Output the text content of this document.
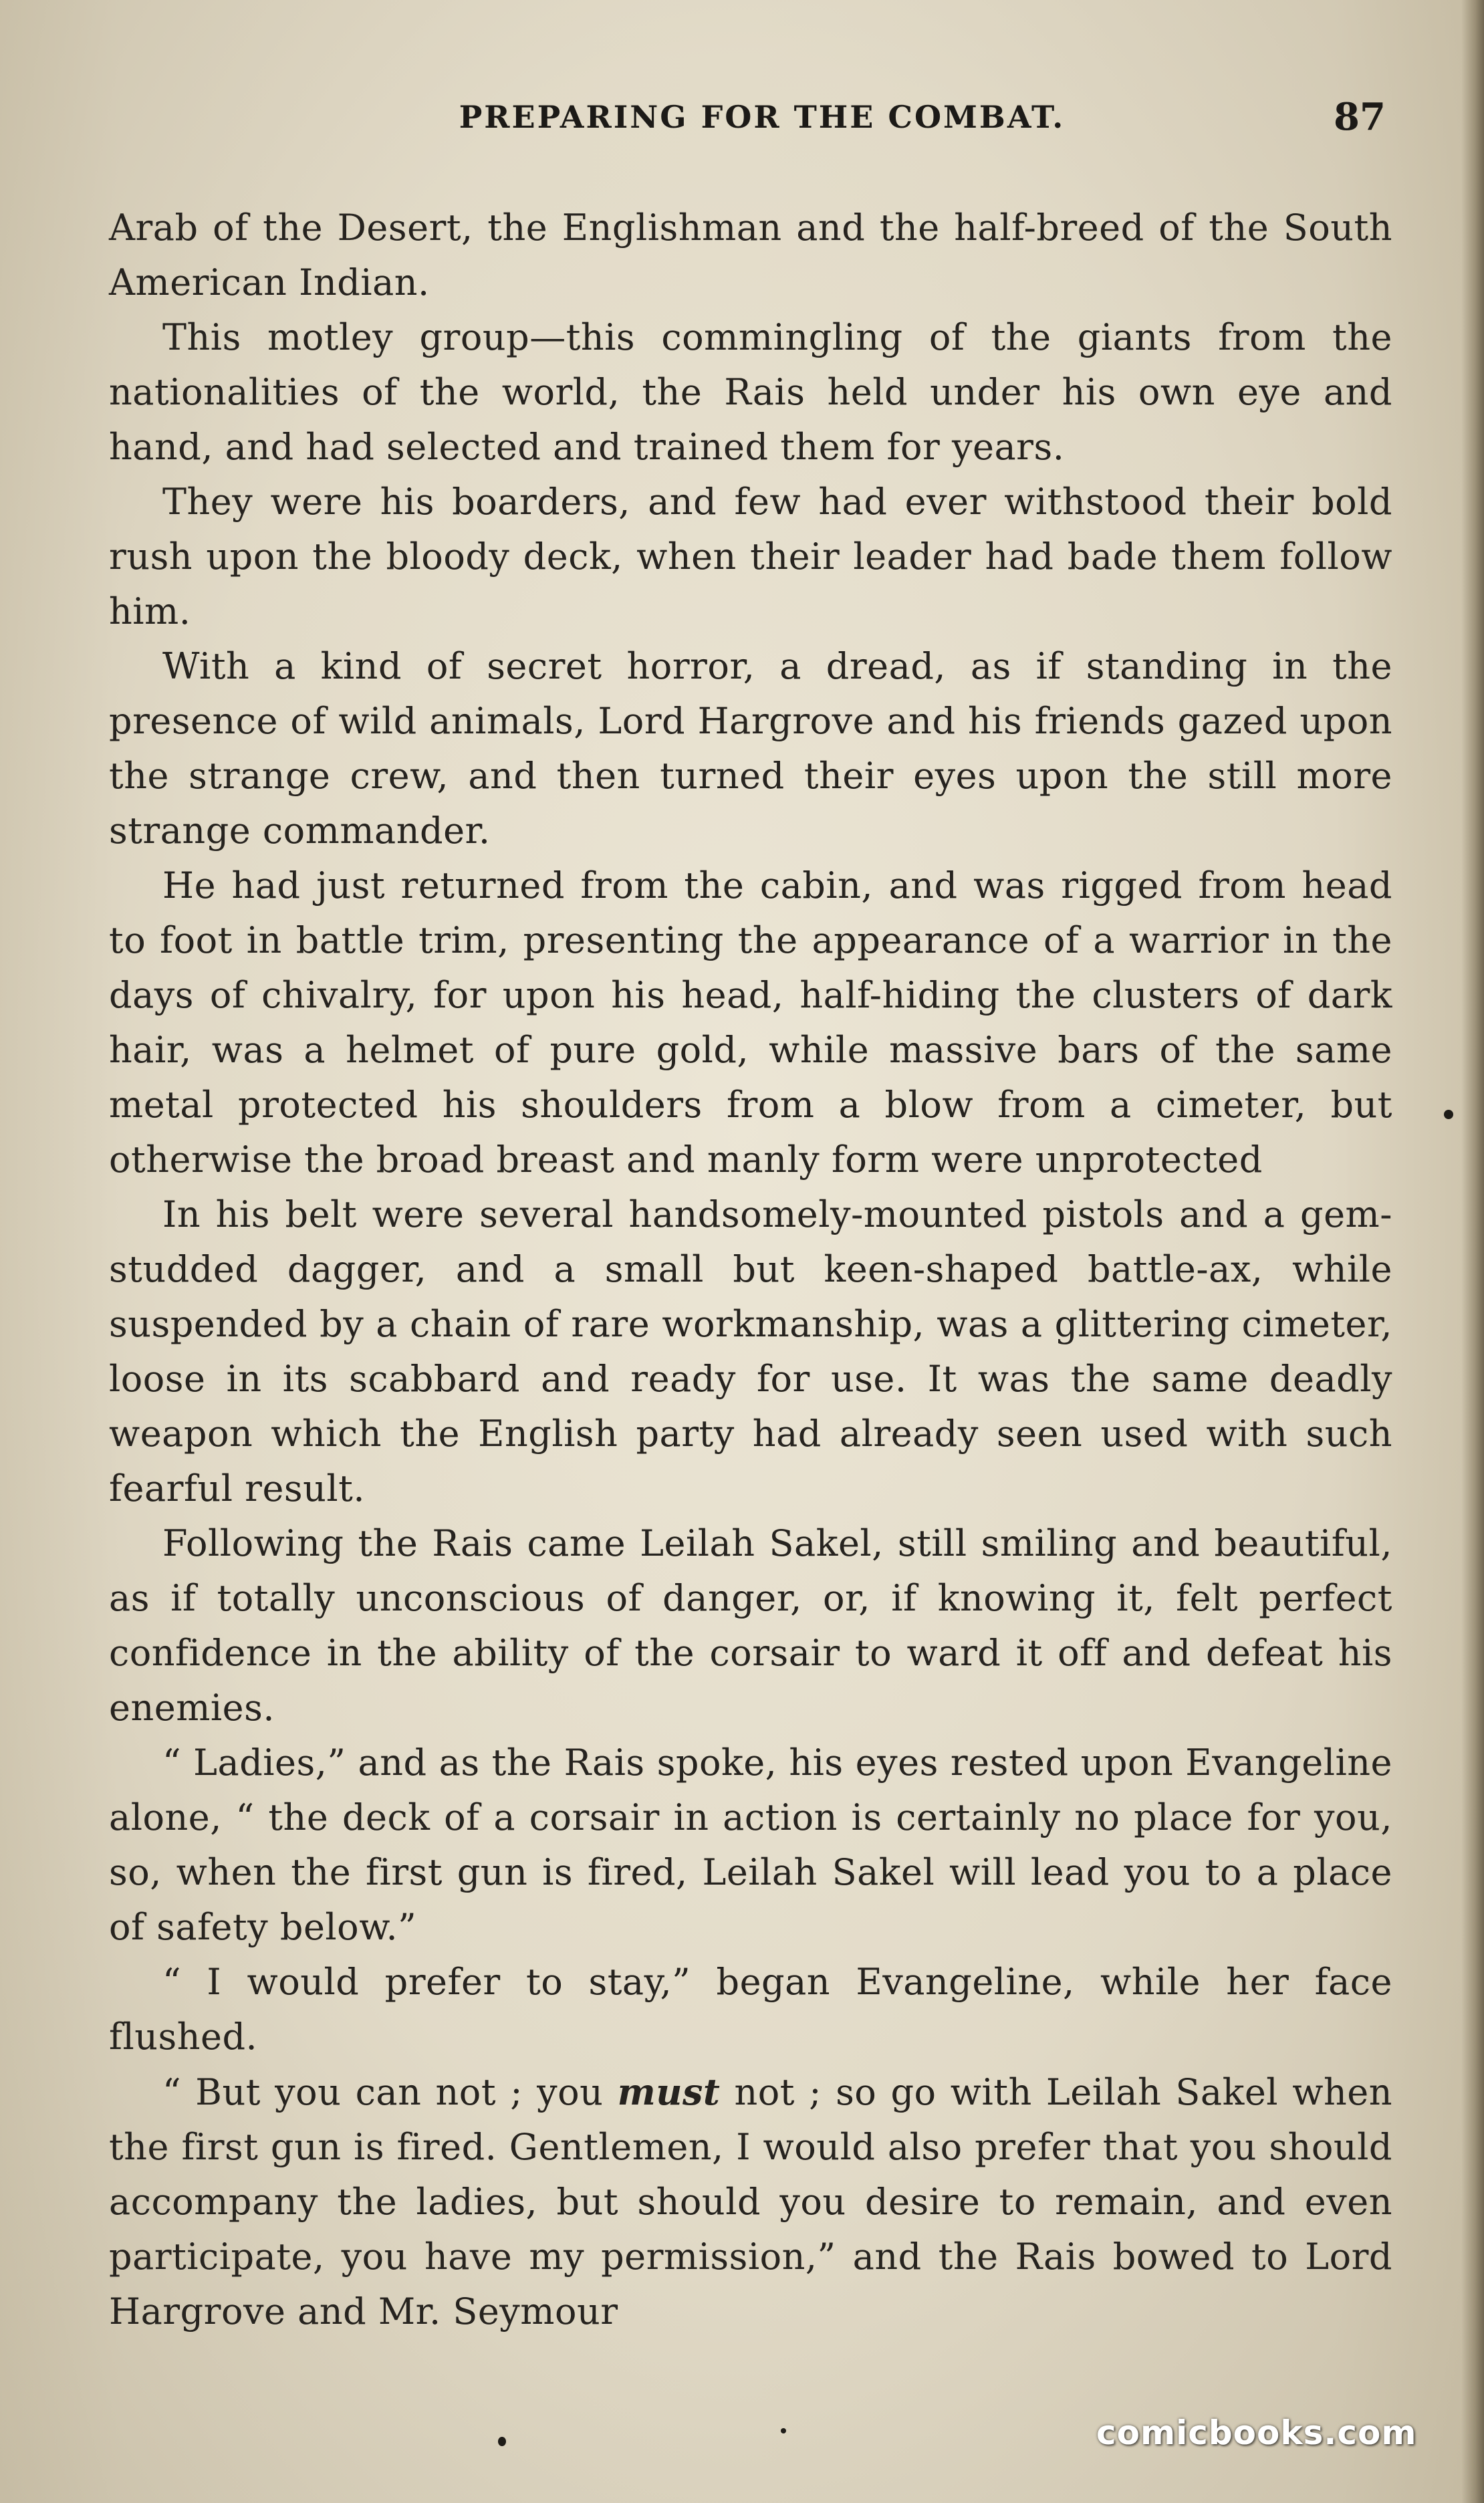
PREPARING FOR THE COMBAT.	87

Arab of the Desert, the Englishman and the half-breed of the South American Indian.

This motley group—this commingling of the giants from the nationalities of the world, the Rais held under his own eye and hand, and had selected and trained them for years.

They were his boarders, and few had ever withstood their bold rush upon the bloody deck, when their leader had bade them follow him.

With a kind of secret horror, a dread, as if standing in the presence of wild animals, Lord Hargrove and his friends gazed upon the strange crew, and then turned their eyes upon the still more strange commander.

He had just returned from the cabin, and was rigged from head to foot in battle trim, presenting the appearance of a warrior in the days of chivalry, for upon his head, half-hiding the clusters of dark hair, was a helmet of pure gold, while massive bars of the same metal protected his shoulders from a blow from a cimeter, but otherwise the broad breast and manly form were unprotected

In his belt were several handsomely-mounted pistols and a gem-studded dagger, and a small but keen-shaped battle-ax, while suspended by a chain of rare workmanship, was a glittering cimeter, loose in its scabbard and ready for use. It was the same deadly weapon which the English party had already seen used with such fearful result.

Following the Rais came Leilah Sakel, still smiling and beautiful, as if totally unconscious of danger, or, if knowing it, felt perfect confidence in the ability of the corsair to ward it off and defeat his enemies.

“ Ladies,” and as the Rais spoke, his eyes rested upon Evangeline alone, “ the deck of a corsair in action is certainly no place for you, so, when the first gun is fired, Leilah Sakel will lead you to a place of safety below.”

“ I would prefer to stay,” began Evangeline, while her face flushed.

“ But you can not ; you must not ; so go with Leilah Sakel when the first gun is fired. Gentlemen, I would also prefer that you should accompany the ladies, but should you desire to remain, and even participate, you have my permission,” and the Rais bowed to Lord Hargrove and Mr. Seymour

comicbooks.com
